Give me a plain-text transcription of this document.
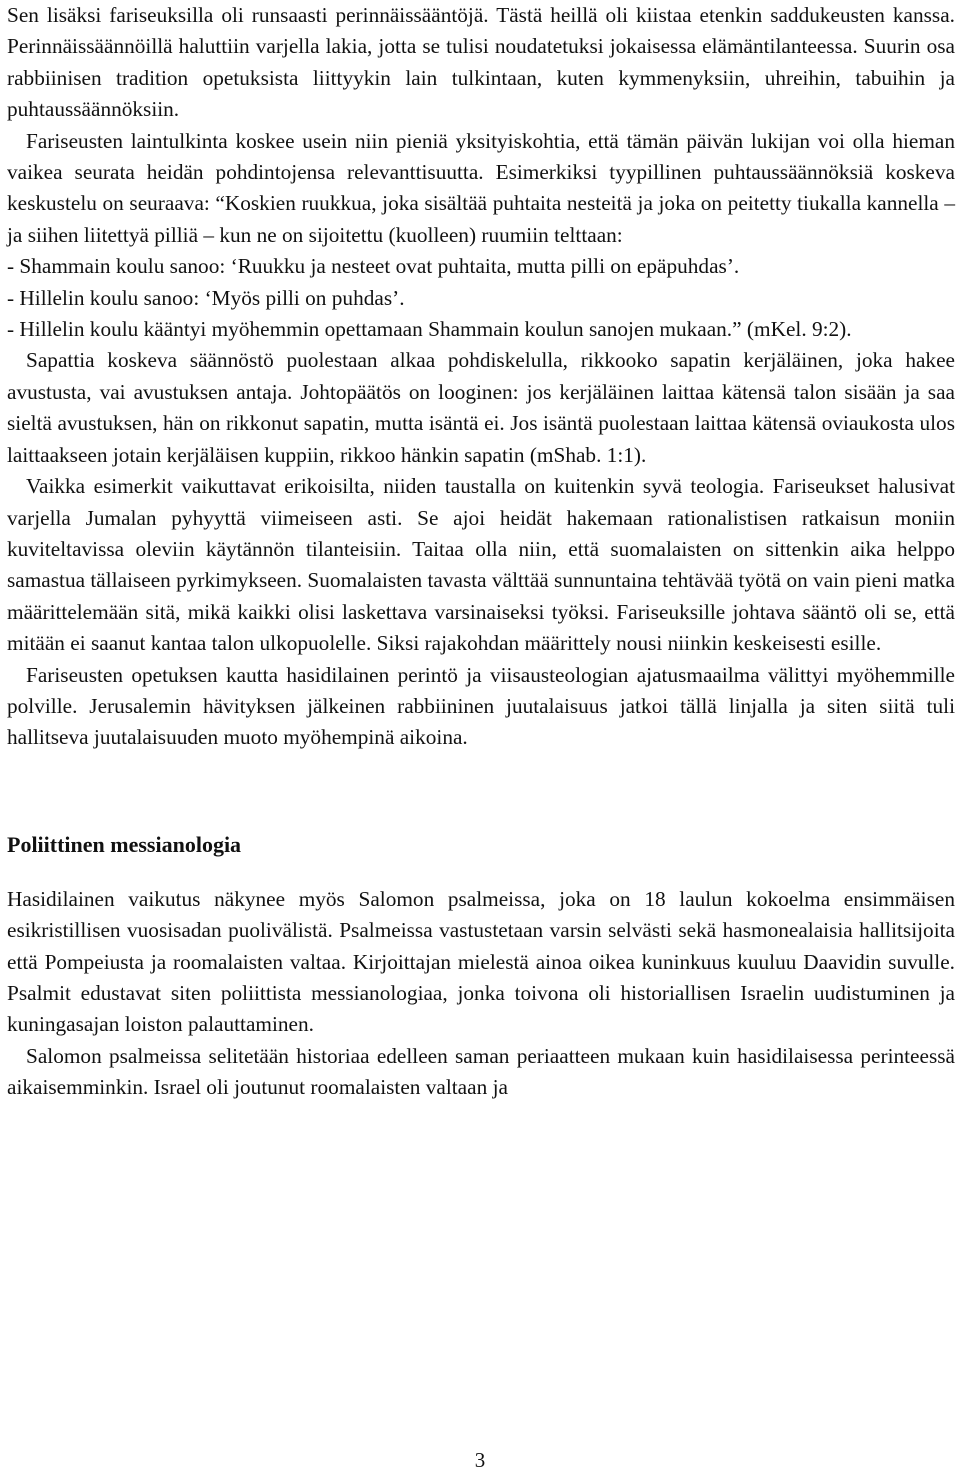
Sen lisäksi fariseuksilla oli runsaasti perinnäissääntöjä. Tästä heillä oli kiistaa etenkin saddukeusten kanssa. Perinnäissäännöillä haluttiin varjella lakia, jotta se tulisi noudatetuksi jokaisessa elämäntilanteessa. Suurin osa rabbiinisen tradition opetuksista liittyykin lain tulkintaan, kuten kymmenyksiin, uhreihin, tabuihin ja puhtaussäännöksiin.

Fariseusten laintulkinta koskee usein niin pieniä yksityiskohtia, että tämän päivän lukijan voi olla hieman vaikea seurata heidän pohdintojensa relevanttisuutta. Esimerkiksi tyypillinen puhtaussäännöksiä koskeva keskustelu on seuraava: “Koskien ruukkua, joka sisältää puhtaita nesteitä ja joka on peitetty tiukalla kannella – ja siihen liitettyä pilliä – kun ne on sijoitettu (kuolleen) ruumiin telttaan:

- Shammain koulu sanoo: ‘Ruukku ja nesteet ovat puhtaita, mutta pilli on epäpuhdas’.

- Hillelin koulu sanoo: ‘Myös pilli on puhdas’.

- Hillelin koulu kääntyi myöhemmin opettamaan Shammain koulun sanojen mukaan.” (mKel. 9:2).

Sapattia koskeva säännöstö puolestaan alkaa pohdiskelulla, rikkooko sapatin kerjäläinen, joka hakee avustusta, vai avustuksen antaja. Johtopäätös on looginen: jos kerjäläinen laittaa kätensä talon sisään ja saa sieltä avustuksen, hän on rikkonut sapatin, mutta isäntä ei. Jos isäntä puolestaan laittaa kätensä oviaukosta ulos laittaakseen jotain kerjäläisen kuppiin, rikkoo hänkin sapatin (mShab. 1:1).

Vaikka esimerkit vaikuttavat erikoisilta, niiden taustalla on kuitenkin syvä teologia. Fariseukset halusivat varjella Jumalan pyhyyttä viimeiseen asti. Se ajoi heidät hakemaan rationalistisen ratkaisun moniin kuviteltavissa oleviin käytännön tilanteisiin. Taitaa olla niin, että suomalaisten on sittenkin aika helppo samastua tällaiseen pyrkimykseen. Suomalaisten tavasta välttää sunnuntaina tehtävää työtä on vain pieni matka määrittelemään sitä, mikä kaikki olisi laskettava varsinaiseksi työksi. Fariseuksille johtava sääntö oli se, että mitään ei saanut kantaa talon ulkopuolelle. Siksi rajakohdan määrittely nousi niinkin keskeisesti esille.

Fariseusten opetuksen kautta hasidilainen perintö ja viisausteologian ajatusmaailma välittyi myöhemmille polville. Jerusalemin hävityksen jälkeinen rabbiininen juutalaisuus jatkoi tällä linjalla ja siten siitä tuli hallitseva juutalaisuuden muoto myöhempinä aikoina.

Poliittinen messianologia

Hasidilainen vaikutus näkynee myös Salomon psalmeissa, joka on 18 laulun kokoelma ensimmäisen esikristillisen vuosisadan puolivälistä. Psalmeissa vastustetaan varsin selvästi sekä hasmonealaisia hallitsijoita että Pompeiusta ja roomalaisten valtaa. Kirjoittajan mielestä ainoa oikea kuninkuus kuuluu Daavidin suvulle. Psalmit edustavat siten poliittista messianologiaa, jonka toivona oli historiallisen Israelin uudistuminen ja kuningasajan loiston palauttaminen.

Salomon psalmeissa selitetään historiaa edelleen saman periaatteen mukaan kuin hasidilaisessa perinteessä aikaisemminkin. Israel oli joutunut roomalaisten valtaan ja

3
